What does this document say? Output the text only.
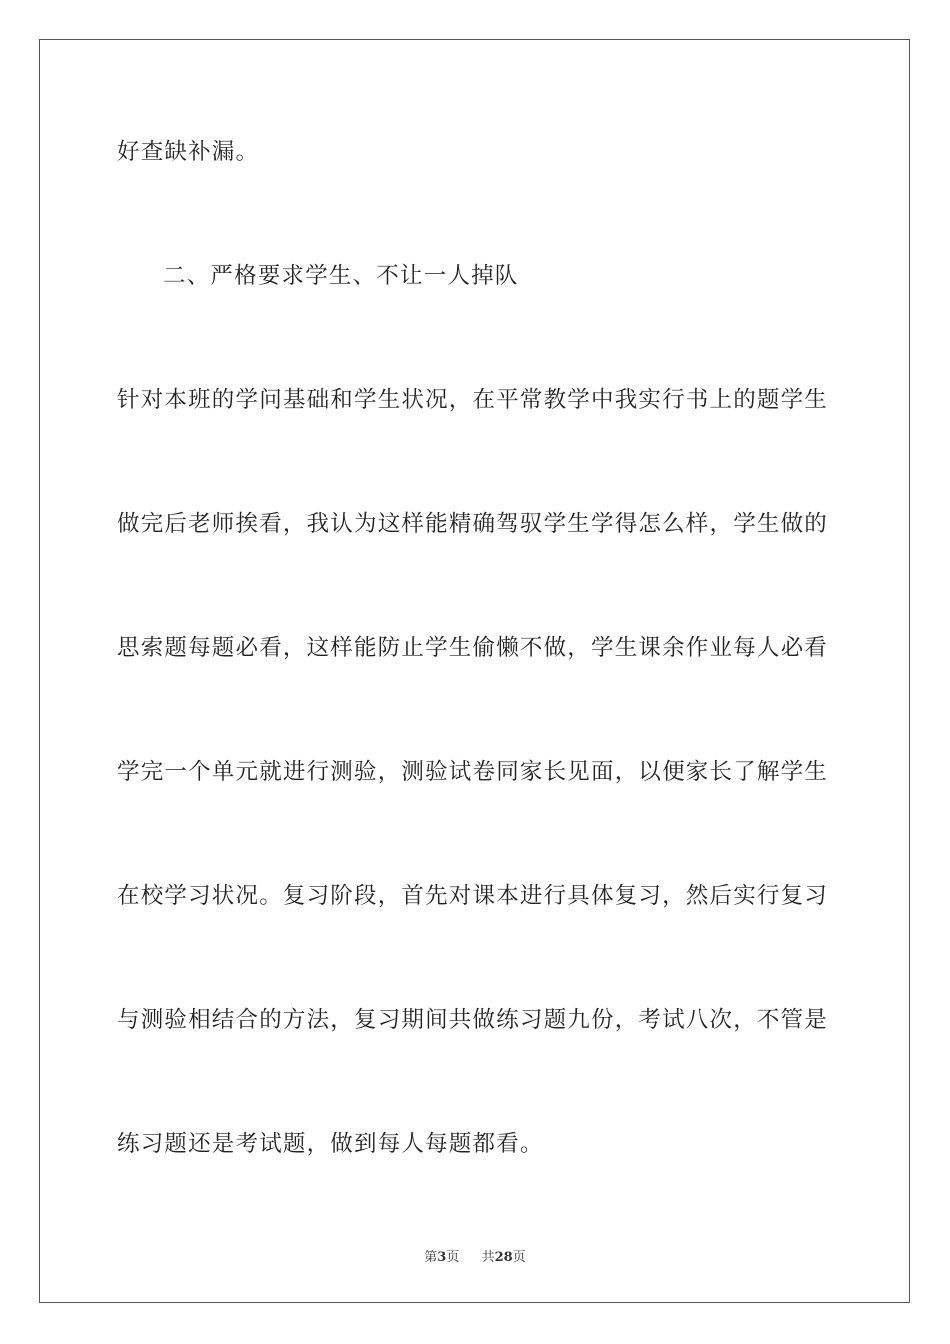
好查缺补漏。
二、严格要求学生、不让一人掉队
针对本班的学问基础和学生状况，在平常教学中我实行书上的题学生
做完后老师挨看，我认为这样能精确驾驭学生学得怎么样，学生做的
思索题每题必看，这样能防止学生偷懒不做，学生课余作业每人必看
学完一个单元就进行测验，测验试卷同家长见面，以便家长了解学生
在校学习状况。复习阶段，首先对课本进行具体复习，然后实行复习
与测验相结合的方法，复习期间共做练习题九份，考试八次，不管是
练习题还是考试题，做到每人每题都看。
第3页 共28页
